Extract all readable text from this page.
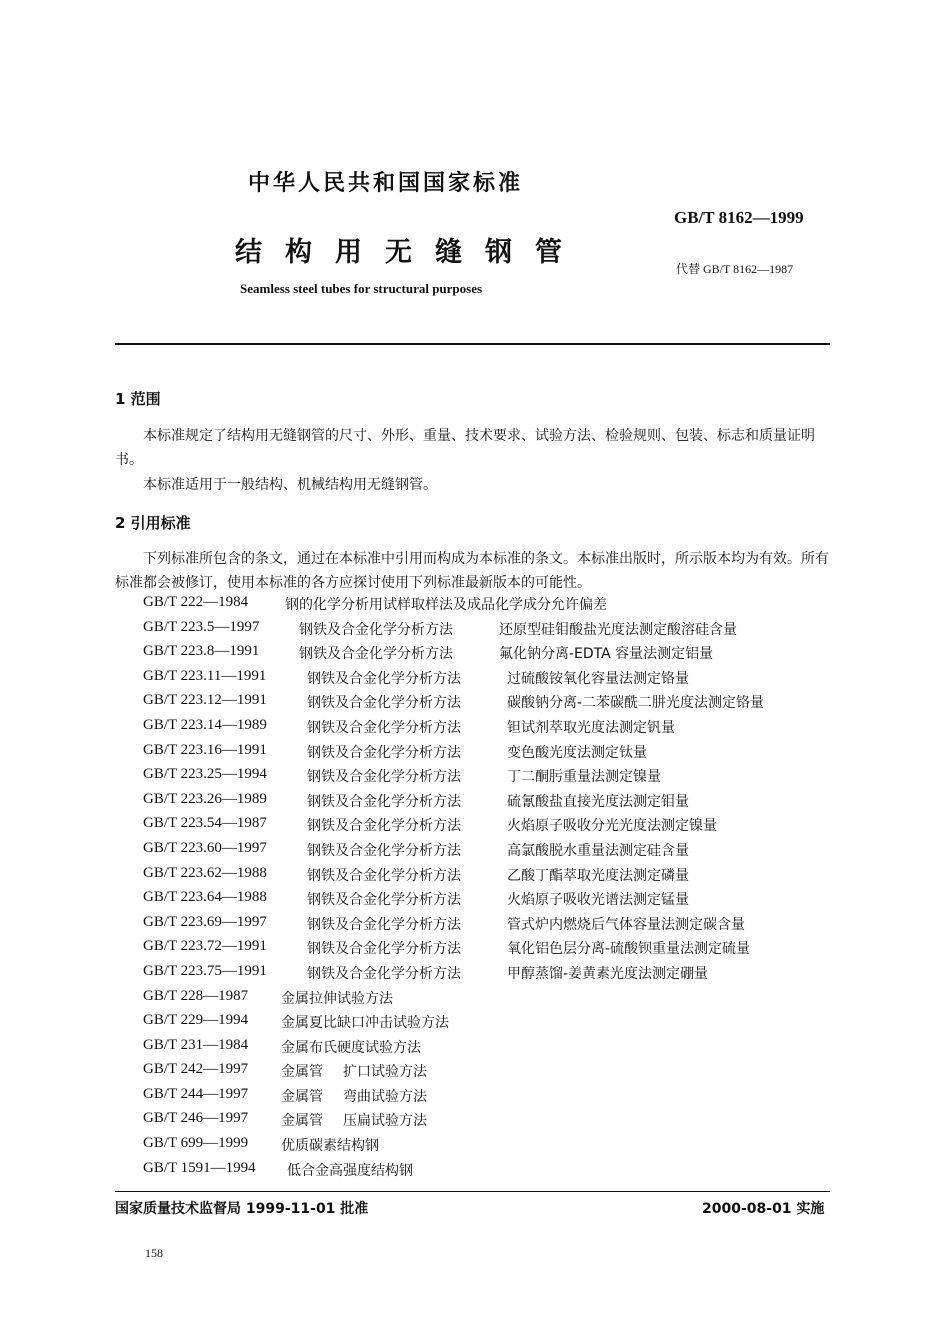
中华人民共和国国家标准
结构用无缝钢管
Seamless steel tubes for structural purposes
GB/T 8162—1999
代替 GB/T 8162—1987
1 范围
本标准规定了结构用无缝钢管的尺寸、外形、重量、技术要求、试验方法、检验规则、包装、标志和质量证明书。
本标准适用于一般结构、机械结构用无缝钢管。
2 引用标准
下列标准所包含的条文，通过在本标准中引用而构成为本标准的条文。本标准出版时，所示版本均为有效。所有标准都会被修订，使用本标准的各方应探讨使用下列标准最新版本的可能性。
GB/T 222—1984	钢的化学分析用试样取样法及成品化学成分允许偏差
GB/T 223.5—1997	钢铁及合金化学分析方法	还原型硅钼酸盐光度法测定酸溶硅含量
GB/T 223.8—1991	钢铁及合金化学分析方法	氟化钠分离-EDTA 容量法测定铝量
GB/T 223.11—1991	钢铁及合金化学分析方法	过硫酸铵氧化容量法测定铬量
GB/T 223.12—1991	钢铁及合金化学分析方法	碳酸钠分离-二苯碳酰二肼光度法测定铬量
GB/T 223.14—1989	钢铁及合金化学分析方法	钽试剂萃取光度法测定钒量
GB/T 223.16—1991	钢铁及合金化学分析方法	变色酸光度法测定钛量
GB/T 223.25—1994	钢铁及合金化学分析方法	丁二酮肟重量法测定镍量
GB/T 223.26—1989	钢铁及合金化学分析方法	硫氰酸盐直接光度法测定钼量
GB/T 223.54—1987	钢铁及合金化学分析方法	火焰原子吸收分光光度法测定镍量
GB/T 223.60—1997	钢铁及合金化学分析方法	高氯酸脱水重量法测定硅含量
GB/T 223.62—1988	钢铁及合金化学分析方法	乙酸丁酯萃取光度法测定磷量
GB/T 223.64—1988	钢铁及合金化学分析方法	火焰原子吸收光谱法测定锰量
GB/T 223.69—1997	钢铁及合金化学分析方法	管式炉内燃烧后气体容量法测定碳含量
GB/T 223.72—1991	钢铁及合金化学分析方法	氧化铝色层分离-硫酸钡重量法测定硫量
GB/T 223.75—1991	钢铁及合金化学分析方法	甲醇蒸馏-姜黄素光度法测定硼量
GB/T 228—1987 金属拉伸试验方法
GB/T 229—1994 金属夏比缺口冲击试验方法
GB/T 231—1984 金属布氏硬度试验方法
GB/T 242—1997 金属管 扩口试验方法
GB/T 244—1997 金属管 弯曲试验方法
GB/T 246—1997 金属管 压扁试验方法
GB/T 699—1999 优质碳素结构钢
GB/T 1591—1994 低合金高强度结构钢
国家质量技术监督局 1999-11-01 批准	2000-08-01 实施
158
